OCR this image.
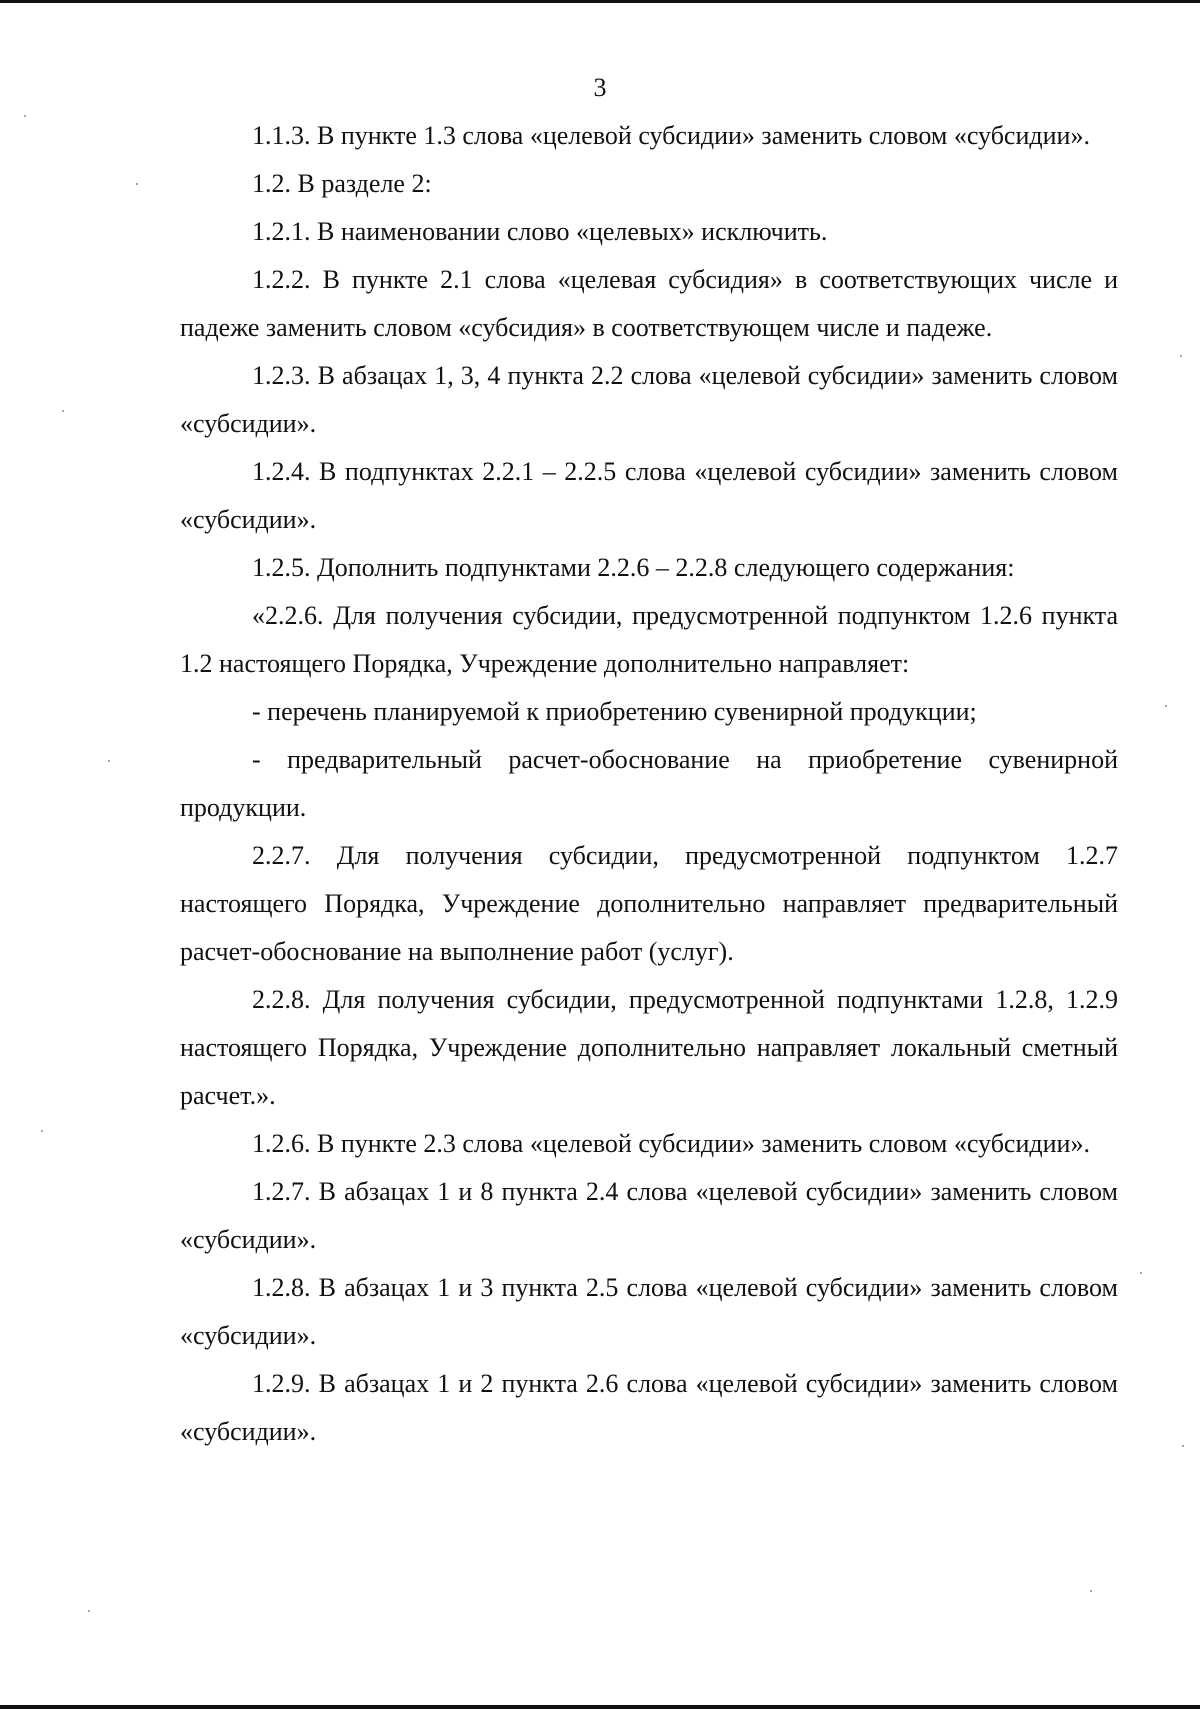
3

1.1.3. В пункте 1.3 слова «целевой субсидии» заменить словом «субсидии».

1.2. В разделе 2:

1.2.1. В наименовании слово «целевых» исключить.

1.2.2. В пункте 2.1 слова «целевая субсидия» в соответствующих числе и падеже заменить словом «субсидия» в соответствующем числе и падеже.

1.2.3. В абзацах 1, 3, 4 пункта 2.2 слова «целевой субсидии» заменить словом «субсидии».

1.2.4. В подпунктах 2.2.1 – 2.2.5 слова «целевой субсидии» заменить словом «субсидии».

1.2.5. Дополнить подпунктами 2.2.6 – 2.2.8 следующего содержания:

«2.2.6. Для получения субсидии, предусмотренной подпунктом 1.2.6 пункта 1.2 настоящего Порядка, Учреждение дополнительно направляет:

- перечень планируемой к приобретению сувенирной продукции;

- предварительный расчет-обоснование на приобретение сувенирной продукции.

2.2.7. Для получения субсидии, предусмотренной подпунктом 1.2.7 настоящего Порядка, Учреждение дополнительно направляет предварительный расчет-обоснование на выполнение работ (услуг).

2.2.8. Для получения субсидии, предусмотренной подпунктами 1.2.8, 1.2.9 настоящего Порядка, Учреждение дополнительно направляет локальный сметный расчет.».

1.2.6. В пункте 2.3 слова «целевой субсидии» заменить словом «субсидии».

1.2.7. В абзацах 1 и 8 пункта 2.4 слова «целевой субсидии» заменить словом «субсидии».

1.2.8. В абзацах 1 и 3 пункта 2.5 слова «целевой субсидии» заменить словом «субсидии».

1.2.9. В абзацах 1 и 2 пункта 2.6 слова «целевой субсидии» заменить словом «субсидии».
